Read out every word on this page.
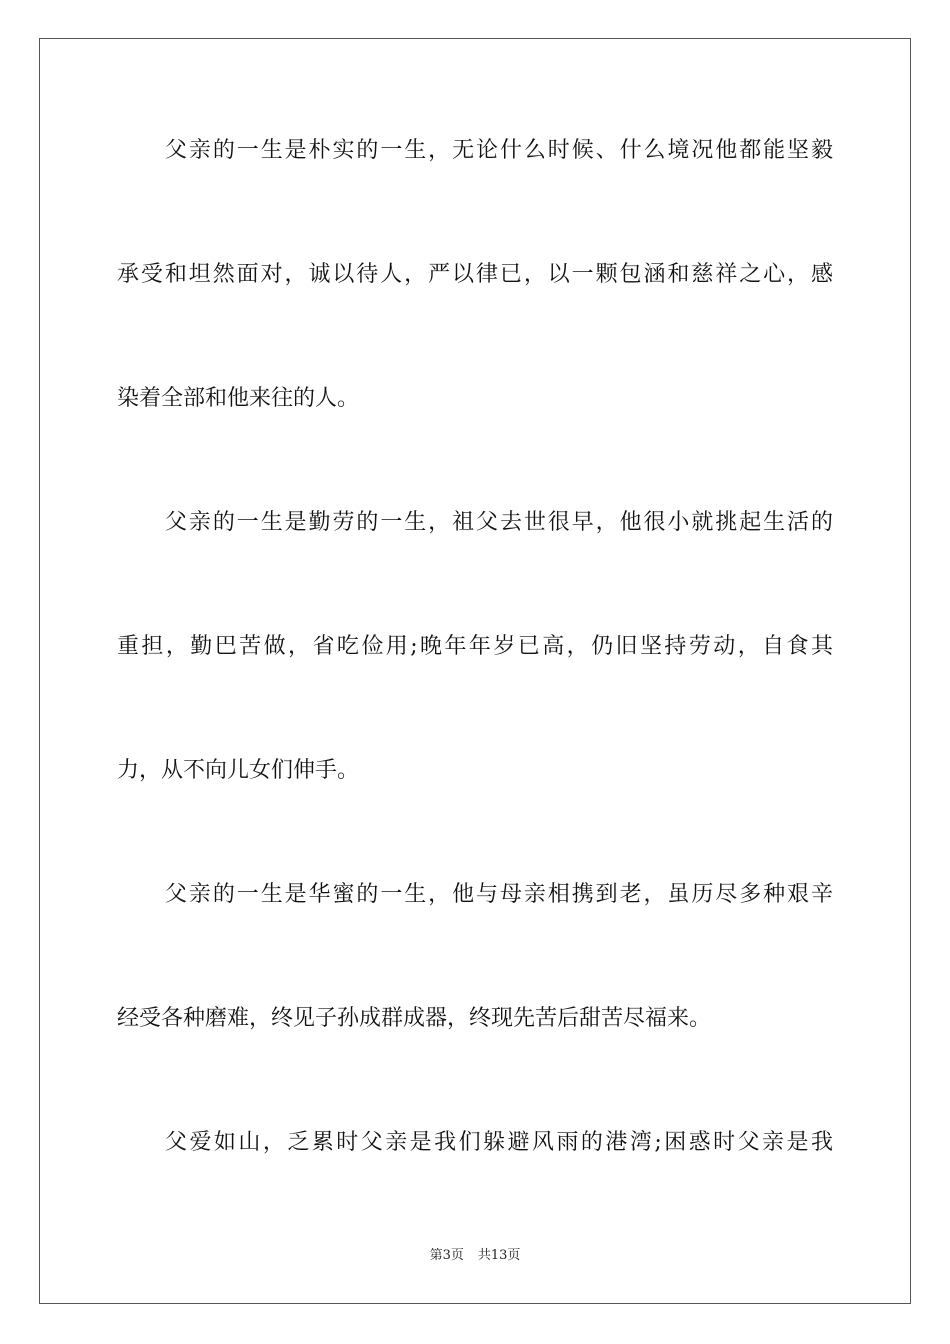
父亲的一生是朴实的一生，无论什么时候、什么境况他都能坚毅
承受和坦然面对，诚以待人，严以律已，以一颗包涵和慈祥之心，感
染着全部和他来往的人。
父亲的一生是勤劳的一生，祖父去世很早，他很小就挑起生活的
重担，勤巴苦做，省吃俭用;晚年年岁已高，仍旧坚持劳动，自食其
力，从不向儿女们伸手。
父亲的一生是华蜜的一生，他与母亲相携到老，虽历尽多种艰辛
经受各种磨难，终见子孙成群成器，终现先苦后甜苦尽福来。
父爱如山，乏累时父亲是我们躲避风雨的港湾;困惑时父亲是我
第3页 共13页
